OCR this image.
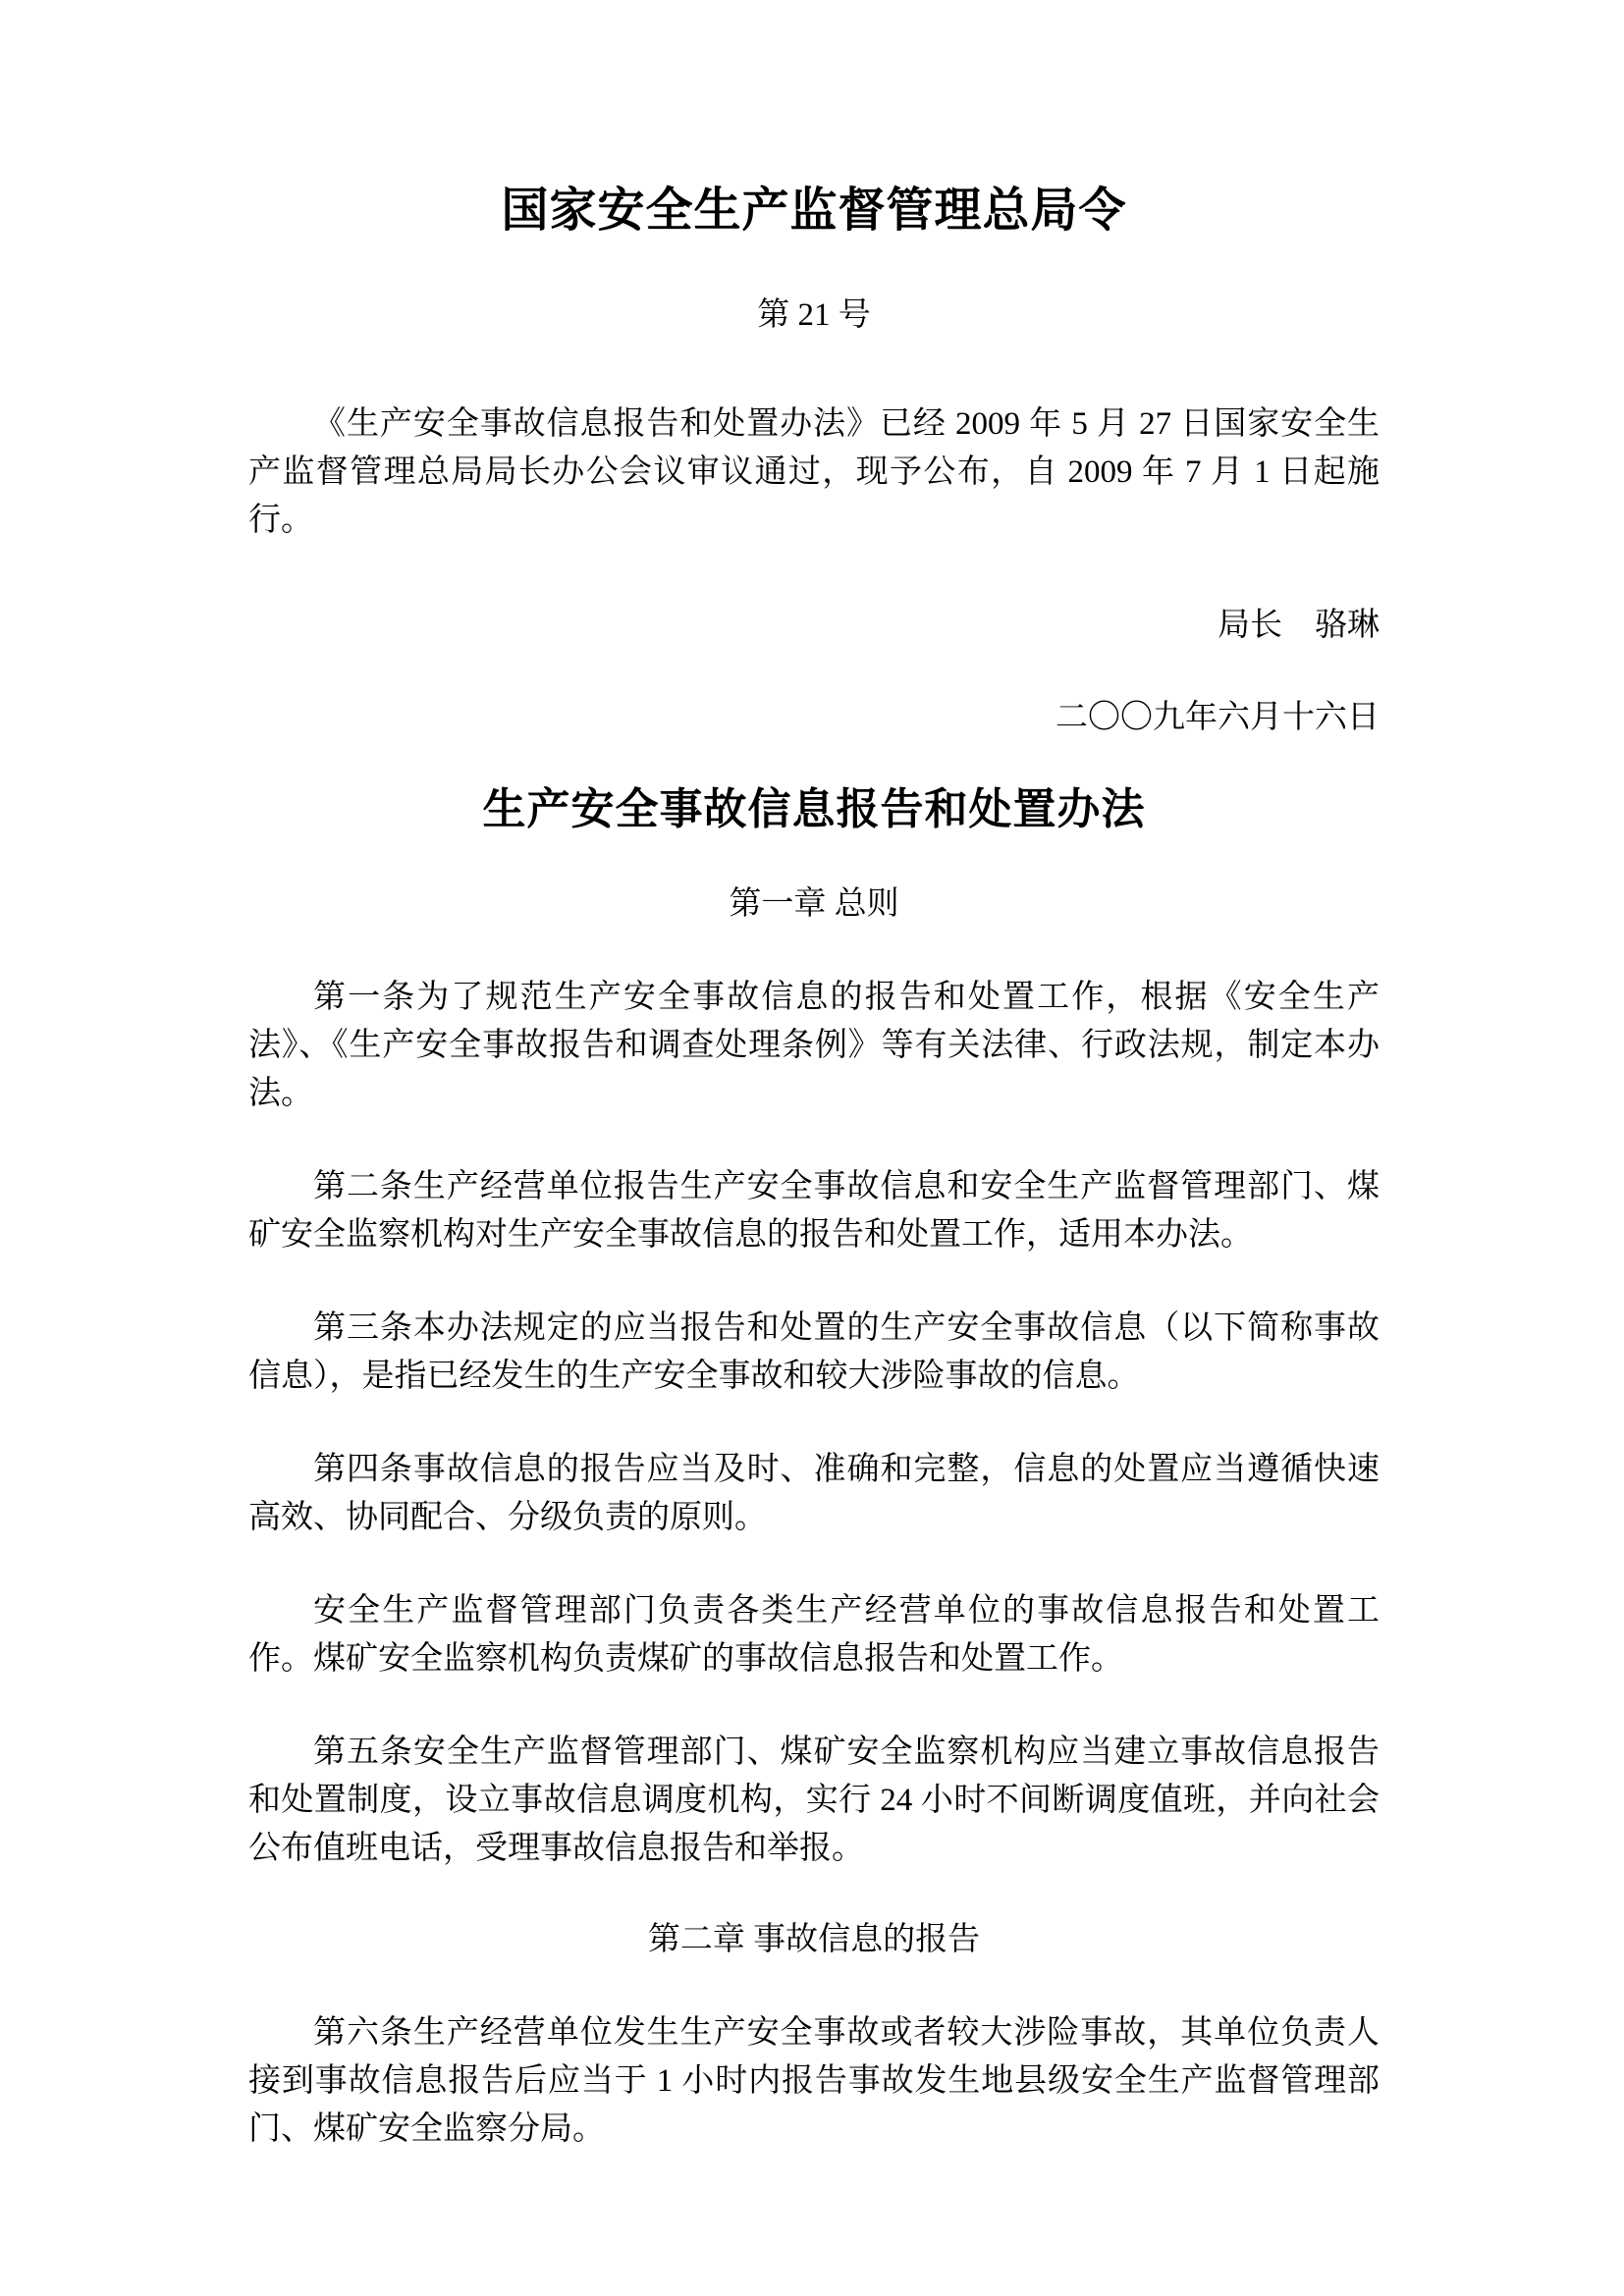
国家安全生产监督管理总局令
第 21 号

《生产安全事故信息报告和处置办法》已经 2009 年 5 月 27 日国家安全生产监督管理总局局长办公会议审议通过，现予公布，自 2009 年 7 月 1 日起施行。

局长　骆琳
二〇〇九年六月十六日
生产安全事故信息报告和处置办法
第一章 总则

第一条为了规范生产安全事故信息的报告和处置工作，根据《安全生产法》、《生产安全事故报告和调查处理条例》等有关法律、行政法规，制定本办法。

第二条生产经营单位报告生产安全事故信息和安全生产监督管理部门、煤矿安全监察机构对生产安全事故信息的报告和处置工作，适用本办法。

第三条本办法规定的应当报告和处置的生产安全事故信息（以下简称事故信息），是指已经发生的生产安全事故和较大涉险事故的信息。

第四条事故信息的报告应当及时、准确和完整，信息的处置应当遵循快速高效、协同配合、分级负责的原则。

安全生产监督管理部门负责各类生产经营单位的事故信息报告和处置工作。煤矿安全监察机构负责煤矿的事故信息报告和处置工作。

第五条安全生产监督管理部门、煤矿安全监察机构应当建立事故信息报告和处置制度，设立事故信息调度机构，实行 24 小时不间断调度值班，并向社会公布值班电话，受理事故信息报告和举报。

第二章 事故信息的报告

第六条生产经营单位发生生产安全事故或者较大涉险事故，其单位负责人接到事故信息报告后应当于 1 小时内报告事故发生地县级安全生产监督管理部门、煤矿安全监察分局。
